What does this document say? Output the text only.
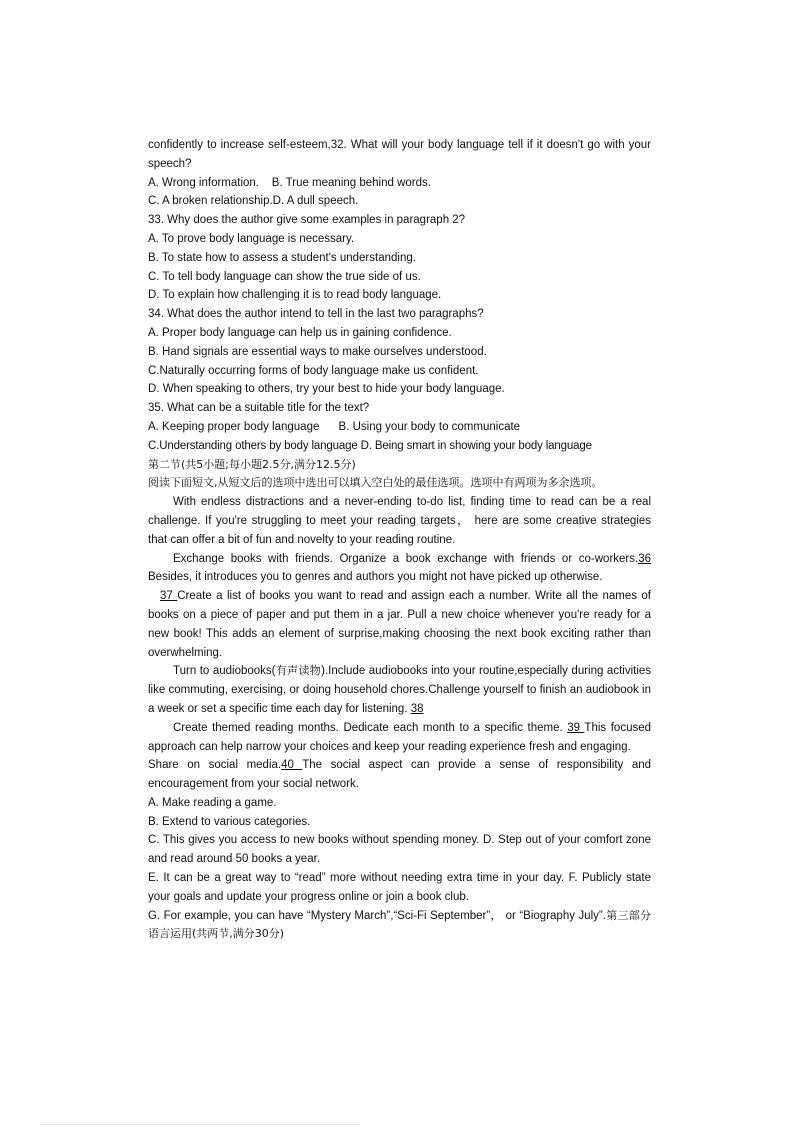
confidently to increase self-esteem,32. What will your body language tell if it doesn't go with your speech?

A. Wrong information.    B. True meaning behind words.

C. A broken relationship.D. A dull speech.

33. Why does the author give some examples in paragraph 2?

A. To prove body language is necessary.

B. To state how to assess a student's understanding.

C. To tell body language can show the true side of us.

D. To explain how challenging it is to read body language.

34. What does the author intend to tell in the last two paragraphs?

A. Proper body language can help us in gaining confidence.

B. Hand signals are essential ways to make ourselves understood.

C.Naturally occurring forms of body language make us confident.

D. When speaking to others, try your best to hide your body language.

35. What can be a suitable title for the text?

A. Keeping proper body language      B. Using your body to communicate

C.Understanding others by body language D. Being smart in showing your body language

第二节(共5小题;每小题2.5分,满分12.5分)

阅读下面短文,从短文后的选项中选出可以填入空白处的最佳选项。选项中有两项为多余选项。

With endless distractions and a never-ending to-do list, finding time to read can be a real challenge. If you're struggling to meet your reading targets， here are some creative strategies that can offer a bit of fun and novelty to your reading routine.

Exchange books with friends. Organize a book exchange with friends or co-workers.36 Besides, it introduces you to genres and authors you might not have picked up otherwise.

37 Create a list of books you want to read and assign each a number. Write all the names of books on a piece of paper and put them in a jar. Pull a new choice whenever you're ready for a new book! This adds an element of surprise,making choosing the next book exciting rather than overwhelming.

Turn to audiobooks(有声读物).Include audiobooks into your routine,especially during activities like commuting, exercising, or doing household chores.Challenge yourself to finish an audiobook in a week or set a specific time each day for listening. 38

Create themed reading months. Dedicate each month to a specific theme. 39 This focused approach can help narrow your choices and keep your reading experience fresh and engaging.

Share on social media.40 The social aspect can provide a sense of responsibility and encouragement from your social network.

A. Make reading a game.

B. Extend to various categories.

C. This gives you access to new books without spending money. D. Step out of your comfort zone and read around 50 books a year.

E. It can be a great way to “read” more without needing extra time in your day. F. Publicly state your goals and update your progress online or join a book club.

G. For example, you can have “Mystery March”,“Sci-Fi September”， or “Biography July”.第三部分语言运用(共两节,满分30分)
